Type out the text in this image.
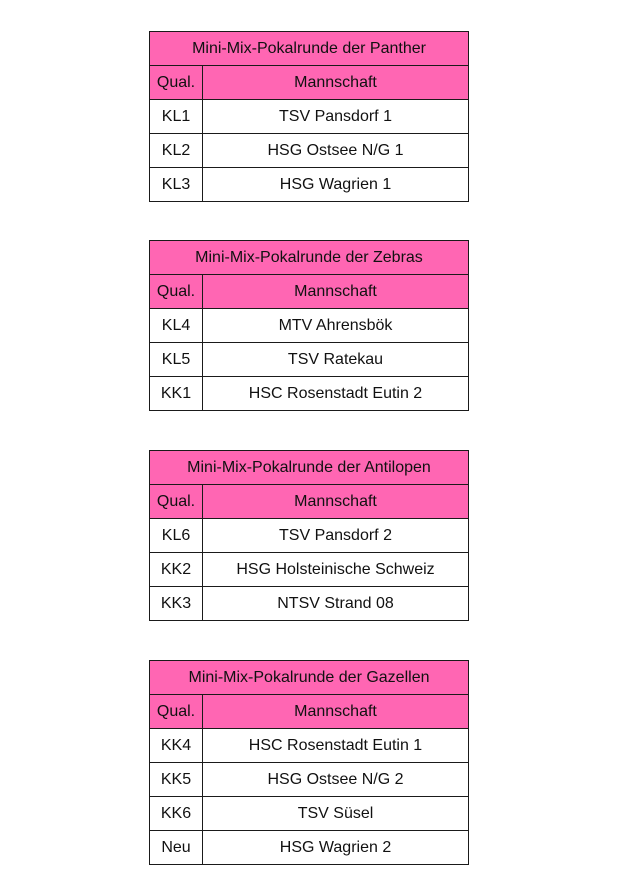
Mini-Mix-Pokalrunde der Panther	
Qual.	Mannschaft
KL1	TSV Pansdorf 1
KL2	HSG Ostsee N/G 1
KL3	HSG Wagrien 1
Mini-Mix-Pokalrunde der Zebras	
Qual.	Mannschaft
KL4	MTV Ahrensbök
KL5	TSV Ratekau
KK1	HSC Rosenstadt Eutin 2
Mini-Mix-Pokalrunde der Antilopen	
Qual.	Mannschaft
KL6	TSV Pansdorf 2
KK2	HSG Holsteinische Schweiz
KK3	NTSV Strand 08
Mini-Mix-Pokalrunde der Gazellen	
Qual.	Mannschaft
KK4	HSC Rosenstadt Eutin 1
KK5	HSG Ostsee N/G 2
KK6	TSV Süsel
Neu	HSG Wagrien 2
